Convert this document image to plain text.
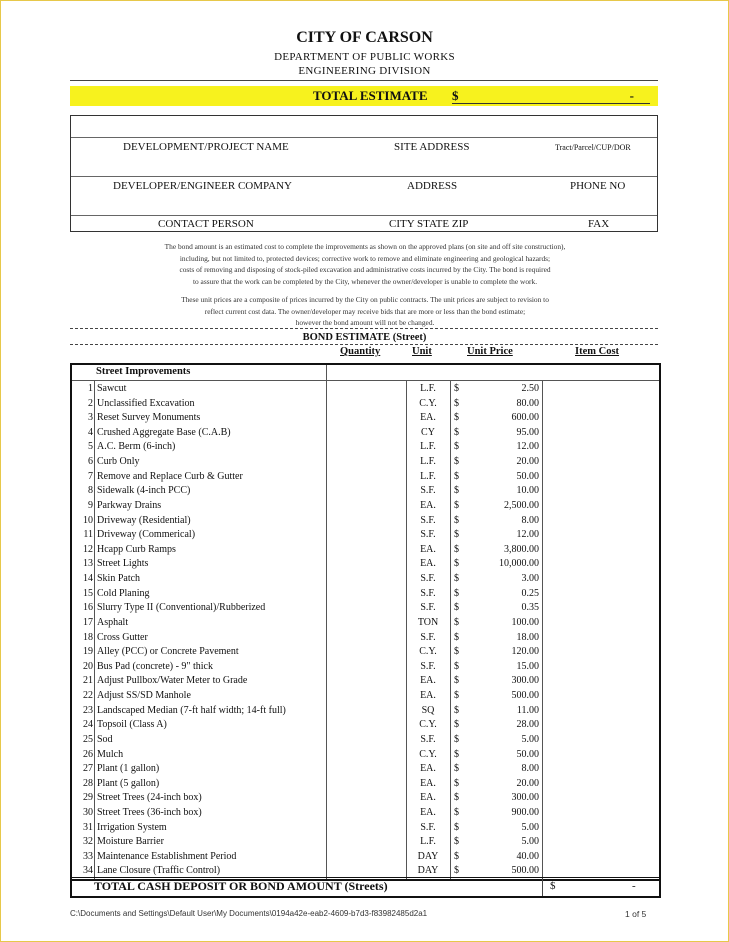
CITY OF CARSON
DEPARTMENT OF PUBLIC WORKS
ENGINEERING DIVISION
TOTAL ESTIMATE $	-
DEVELOPMENT/PROJECT NAME	SITE ADDRESS	Tract/Parcel/CUP/DOR
DEVELOPER/ENGINEER COMPANY	ADDRESS	PHONE NO
CONTACT PERSON	CITY STATE ZIP	FAX
The bond amount is an estimated cost to complete the improvements as shown on the approved plans (on site and off site construction),
including, but not limited to, protected devices; corrective work to remove and eliminate engineering and geological hazards;
costs of removing and disposing of stock-piled excavation and administrative costs incurred by the City. The bond is required
to assure that the work can be completed by the City, whenever the owner/developer is unable to complete the work.
These unit prices are a composite of prices incurred by the City on public contracts. The unit prices are subject to revision to
reflect current cost data. The owner/developer may receive bids that are more or less than the bond estimate;
however the bond amount will not be changed.
BOND ESTIMATE (Street)
Quantity	Unit	Unit Price	Item Cost
Street Improvements
1 Sawcut	L.F.	$	2.50
2 Unclassified Excavation	C.Y.	$	80.00
3 Reset Survey Monuments	EA.	$	600.00
4 Crushed Aggregate Base (C.A.B)	CY	$	95.00
5 A.C. Berm (6-inch)	L.F.	$	12.00
6 Curb Only	L.F.	$	20.00
7 Remove and Replace Curb & Gutter	L.F.	$	50.00
8 Sidewalk (4-inch PCC)	S.F.	$	10.00
9 Parkway Drains	EA.	$	2,500.00
10 Driveway (Residential)	S.F.	$	8.00
11 Driveway (Commerical)	S.F.	$	12.00
12 Hcapp Curb Ramps	EA.	$	3,800.00
13 Street Lights	EA.	$	10,000.00
14 Skin Patch	S.F.	$	3.00
15 Cold Planing	S.F.	$	0.25
16 Slurry Type II (Conventional)/Rubberized	S.F.	$	0.35
17 Asphalt	TON	$	100.00
18 Cross Gutter	S.F.	$	18.00
19 Alley (PCC) or Concrete Pavement	C.Y.	$	120.00
20 Bus Pad (concrete) - 9" thick	S.F.	$	15.00
21 Adjust Pullbox/Water Meter to Grade	EA.	$	300.00
22 Adjust SS/SD Manhole	EA.	$	500.00
23 Landscaped Median (7-ft half width; 14-ft full)	SQ	$	11.00
24 Topsoil (Class A)	C.Y.	$	28.00
25 Sod	S.F.	$	5.00
26 Mulch	C.Y.	$	50.00
27 Plant (1 gallon)	EA.	$	8.00
28 Plant (5 gallon)	EA.	$	20.00
29 Street Trees (24-inch box)	EA.	$	300.00
30 Street Trees (36-inch box)	EA.	$	900.00
31 Irrigation System	S.F.	$	5.00
32 Moisture Barrier	L.F.	$	5.00
33 Maintenance Establishment Period	DAY	$	40.00
34 Lane Closure (Traffic Control)	DAY	$	500.00
TOTAL CASH DEPOSIT OR BOND AMOUNT (Streets)	$	-
C:\Documents and Settings\Default User\My Documents\0194a42e-eab2-4609-b7d3-f83982485d2a1	1 of 5
